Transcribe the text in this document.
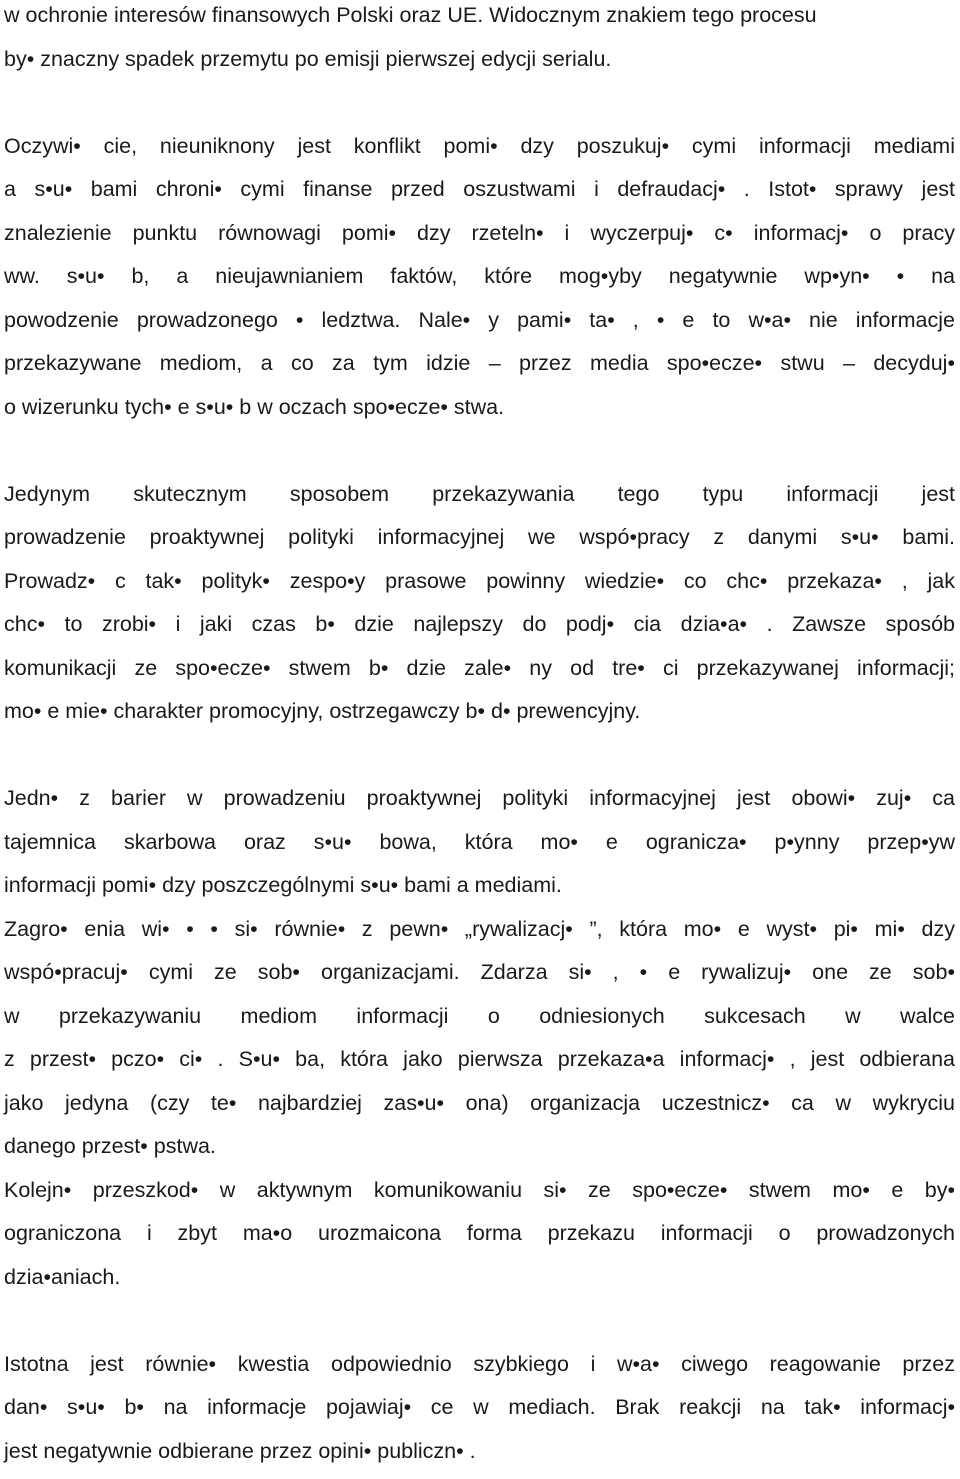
w ochronie interesów finansowych Polski oraz UE. Widocznym znakiem tego procesu
by• znaczny spadek przemytu po emisji pierwszej edycji serialu.
Oczywi• cie, nieuniknony jest konflikt pomi• dzy poszukuj• cymi informacji mediami
a s•u• bami chroni• cymi finanse przed oszustwami i defraudacj• . Istot• sprawy jest
znalezienie punktu równowagi pomi• dzy rzeteln• i wyczerpuj• c• informacj• o pracy
ww. s•u• b, a nieujawnianiem faktów, które mog•yby negatywnie wp•yn• • na
powodzenie prowadzonego • ledztwa. Nale• y pami• ta• , • e to w•a• nie informacje
przekazywane mediom, a co za tym idzie – przez media spo•ecze• stwu – decyduj•
o wizerunku tych• e s•u• b w oczach spo•ecze• stwa.
Jedynym skutecznym sposobem przekazywania tego typu informacji jest
prowadzenie proaktywnej polityki informacyjnej we wspó•pracy z danymi s•u• bami.
Prowadz• c tak• polityk• zespo•y prasowe powinny wiedzie• co chc• przekaza• , jak
chc• to zrobi• i jaki czas b• dzie najlepszy do podj• cia dzia•a• . Zawsze sposób
komunikacji ze spo•ecze• stwem b• dzie zale• ny od tre• ci przekazywanej informacji;
mo• e mie• charakter promocyjny, ostrzegawczy b• d• prewencyjny.
Jedn• z barier w prowadzeniu proaktywnej polityki informacyjnej jest obowi• zuj• ca
tajemnica skarbowa oraz s•u• bowa, która mo• e ogranicza• p•ynny przep•yw
informacji pomi• dzy poszczególnymi s•u• bami a mediami.
Zagro• enia wi• • • si• równie• z pewn• „rywalizacj• ”, która mo• e wyst• pi• mi• dzy
wspó•pracuj• cymi ze sob• organizacjami. Zdarza si• , • e rywalizuj• one ze sob•
w przekazywaniu mediom informacji o odniesionych sukcesach w walce
z przest• pczo• ci• . S•u• ba, która jako pierwsza przekaza•a informacj• , jest odbierana
jako jedyna (czy te• najbardziej zas•u• ona) organizacja uczestnicz• ca w wykryciu
danego przest• pstwa.
Kolejn• przeszkod• w aktywnym komunikowaniu si• ze spo•ecze• stwem mo• e by•
ograniczona i zbyt ma•o urozmaicona forma przekazu informacji o prowadzonych
dzia•aniach.
Istotna jest równie• kwestia odpowiednio szybkiego i w•a• ciwego reagowanie przez
dan• s•u• b• na informacje pojawiaj• ce w mediach. Brak reakcji na tak• informacj•
jest negatywnie odbierane przez opini• publiczn• .
